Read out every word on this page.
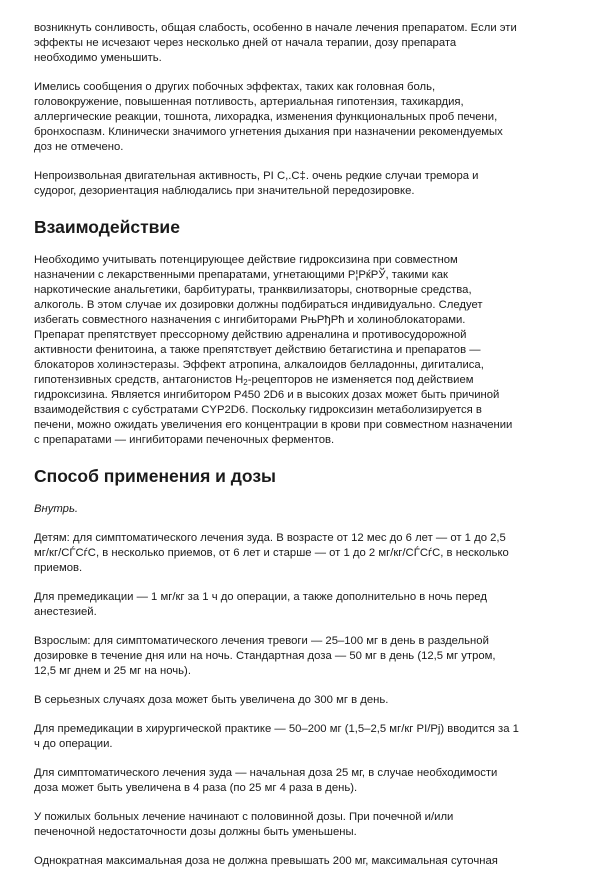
возникнуть сонливость, общая слабость, особенно в начале лечения препаратом. Если эти
эффекты не исчезают через несколько дней от начала терапии, дозу препарата
необходимо уменьшить.

Имелись сообщения о других побочных эффектах, таких как головная боль,
головокружение, повышенная потливость, артериальная гипотензия, тахикардия,
аллергические реакции, тошнота, лихорадка, изменения функциональных проб печени,
бронхоспазм. Клинически значимого угнетения дыхания при назначении рекомендуемых
доз не отмечено.

Непроизвольная двигательная активность, РI С,.С‡. очень редкие случаи тремора и
судорог, дезориентация наблюдались при значительной передозировке.

Взаимодействие

Необходимо учитывать потенцирующее действие гидроксизина при совместном
назначении с лекарственными препаратами, угнетающими Р¦РќРЎ, такими как
наркотические анальгетики, барбитураты, транквилизаторы, снотворные средства,
алкоголь. В этом случае их дозировки должны подбираться индивидуально. Следует
избегать совместного назначения с ингибиторами РњРђРћ и холиноблокаторами.
Препарат препятствует прессорному действию адреналина и противосудорожной
активности фенитоина, а также препятствует действию бетагистина и препаратов —
блокаторов холинэстеразы. Эффект атропина, алкалоидов белладонны, дигиталиса,
гипотензивных средств, антагонистов $Н_2$-рецепторов не изменяется под действием
гидроксизина. Является ингибитором Р450 2D6 и в высоких дозах может быть причиной
взаимодействия с субстратами CYP2D6. Поскольку гидроксизин метаболизируется в
печени, можно ожидать увеличения его концентрации в крови при совместном назначении
с препаратами — ингибиторами печеночных ферментов.

Способ применения и дозы

Внутрь.

Детям: для симптоматического лечения зуда. В возрасте от 12 мес до 6 лет — от 1 до 2,5
мг/кг/СЃСѓС, в несколько приемов, от 6 лет и старше — от 1 до 2 мг/кг/СЃСѓС, в несколько
приемов.

Для премедикации — 1 мг/кг за 1 ч до операции, а также дополнительно в ночь перед
анестезией.

Взрослым: для симптоматического лечения тревоги — 25–100 мг в день в раздельной
дозировке в течение дня или на ночь. Стандартная доза — 50 мг в день (12,5 мг утром,
12,5 мг днем и 25 мг на ночь).

В серьезных случаях доза может быть увеличена до 300 мг в день.

Для премедикации в хирургической практике — 50–200 мг (1,5–2,5 мг/кг РІ/Рј) вводится за 1
ч до операции.

Для симптоматического лечения зуда — начальная доза 25 мг, в случае необходимости
доза может быть увеличена в 4 раза (по 25 мг 4 раза в день).

У пожилых больных лечение начинают с половинной дозы. При почечной и/или
печеночной недостаточности дозы должны быть уменьшены.

Однократная максимальная доза не должна превышать 200 мг, максимальная суточная
